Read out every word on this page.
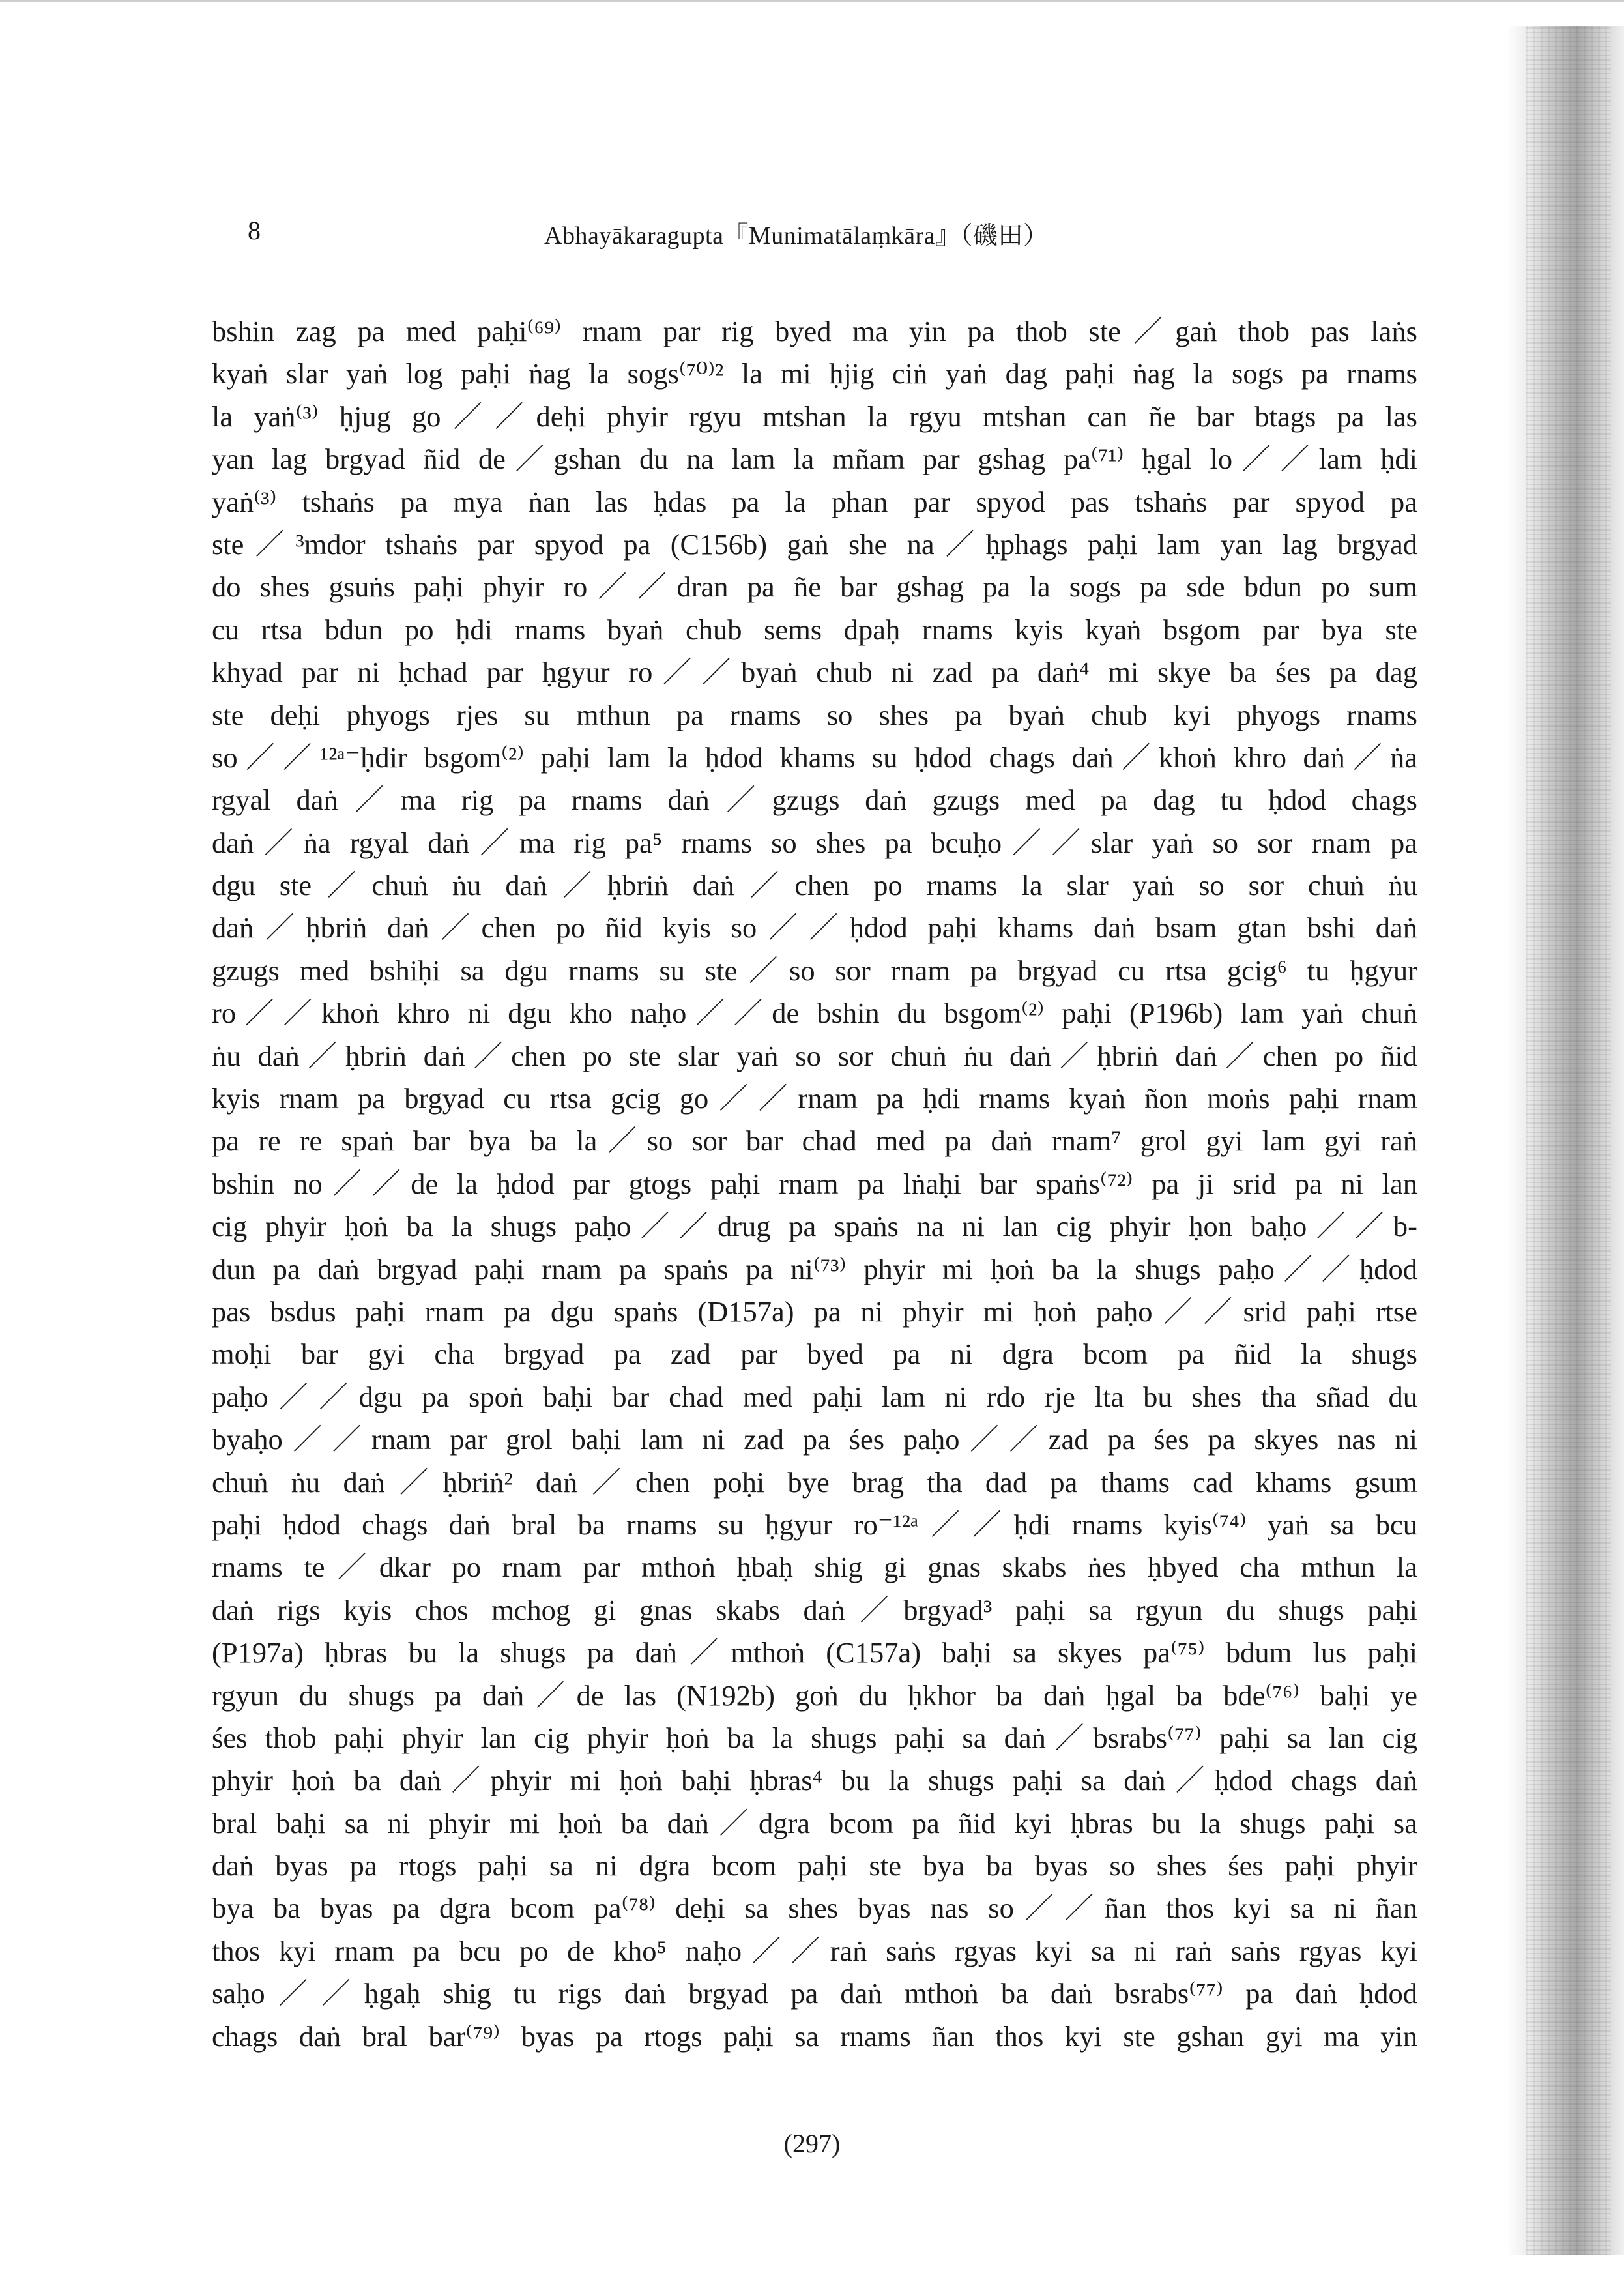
8	Abhayākaragupta『Munimatālaṃkāra』（磯田）
bshin zag pa med paḥi⁽⁶⁹⁾ rnam par rig byed ma yin pa thob ste／gaṅ thob pas laṅs
kyaṅ slar yaṅ log paḥi ṅag la sogs⁽⁷⁰⁾² la mi ḥjig ciṅ yaṅ dag paḥi ṅag la sogs pa rnams
la yaṅ⁽³⁾ ḥjug go／／deḥi phyir rgyu mtshan la rgyu mtshan can ñe bar btags pa las
yan lag brgyad ñid de／gshan du na lam la mñam par gshag pa⁽⁷¹⁾ ḥgal lo／／lam ḥdi
yaṅ⁽³⁾ tshaṅs pa mya ṅan las ḥdas pa la phan par spyod pas tshaṅs par spyod pa
ste／³mdor tshaṅs par spyod pa (C156b) gaṅ she na／ḥphags paḥi lam yan lag brgyad
do shes gsuṅs paḥi phyir ro／／dran pa ñe bar gshag pa la sogs pa sde bdun po sum
cu rtsa bdun po ḥdi rnams byaṅ chub sems dpaḥ rnams kyis kyaṅ bsgom par bya ste
khyad par ni ḥchad par ḥgyur ro／／byaṅ chub ni zad pa daṅ⁴ mi skye ba śes pa dag
ste deḥi phyogs rjes su mthun pa rnams so shes pa byaṅ chub kyi phyogs rnams
so／／¹²ᵃ⁻ḥdir bsgom⁽²⁾ paḥi lam la ḥdod khams su ḥdod chags daṅ／khoṅ khro daṅ／ṅa
rgyal daṅ／ma rig pa rnams daṅ／gzugs daṅ gzugs med pa dag tu ḥdod chags
daṅ／ṅa rgyal daṅ／ma rig pa⁵ rnams so shes pa bcuḥo／／slar yaṅ so sor rnam pa
dgu ste／chuṅ ṅu daṅ／ḥbriṅ daṅ／chen po rnams la slar yaṅ so sor chuṅ ṅu
daṅ／ḥbriṅ daṅ／chen po ñid kyis so／／ḥdod paḥi khams daṅ bsam gtan bshi daṅ
gzugs med bshiḥi sa dgu rnams su ste／so sor rnam pa brgyad cu rtsa gcig⁶ tu ḥgyur
ro／／khoṅ khro ni dgu kho naḥo／／de bshin du bsgom⁽²⁾ paḥi (P196b) lam yaṅ chuṅ
ṅu daṅ／ḥbriṅ daṅ／chen po ste slar yaṅ so sor chuṅ ṅu daṅ／ḥbriṅ daṅ／chen po ñid
kyis rnam pa brgyad cu rtsa gcig go／／rnam pa ḥdi rnams kyaṅ ñon moṅs paḥi rnam
pa re re spaṅ bar bya ba la／so sor bar chad med pa daṅ rnam⁷ grol gyi lam gyi raṅ
bshin no／／de la ḥdod par gtogs paḥi rnam pa lṅaḥi bar spaṅs⁽⁷²⁾ pa ji srid pa ni lan
cig phyir ḥoṅ ba la shugs paḥo／／drug pa spaṅs na ni lan cig phyir ḥon baḥo／／b-
dun pa daṅ brgyad paḥi rnam pa spaṅs pa ni⁽⁷³⁾ phyir mi ḥoṅ ba la shugs paḥo／／ḥdod
pas bsdus paḥi rnam pa dgu spaṅs (D157a) pa ni phyir mi ḥoṅ paḥo／／srid paḥi rtse
moḥi bar gyi cha brgyad pa zad par byed pa ni dgra bcom pa ñid la shugs
paḥo／／dgu pa spoṅ baḥi bar chad med paḥi lam ni rdo rje lta bu shes tha sñad du
byaḥo／／rnam par grol baḥi lam ni zad pa śes paḥo／／zad pa śes pa skyes nas ni
chuṅ ṅu daṅ／ḥbriṅ² daṅ／chen poḥi bye brag tha dad pa thams cad khams gsum
paḥi ḥdod chags daṅ bral ba rnams su ḥgyur ro⁻¹²ᵃ／／ḥdi rnams kyis⁽⁷⁴⁾ yaṅ sa bcu
rnams te／dkar po rnam par mthoṅ ḥbaḥ shig gi gnas skabs ṅes ḥbyed cha mthun la
daṅ rigs kyis chos mchog gi gnas skabs daṅ／brgyad³ paḥi sa rgyun du shugs paḥi
(P197a) ḥbras bu la shugs pa daṅ／mthoṅ (C157a) baḥi sa skyes pa⁽⁷⁵⁾ bdum lus paḥi
rgyun du shugs pa daṅ／de las (N192b) goṅ du ḥkhor ba daṅ ḥgal ba bde⁽⁷⁶⁾ baḥi ye
śes thob paḥi phyir lan cig phyir ḥoṅ ba la shugs paḥi sa daṅ／bsrabs⁽⁷⁷⁾ paḥi sa lan cig
phyir ḥoṅ ba daṅ／phyir mi ḥoṅ baḥi ḥbras⁴ bu la shugs paḥi sa daṅ／ḥdod chags daṅ
bral baḥi sa ni phyir mi ḥoṅ ba daṅ／dgra bcom pa ñid kyi ḥbras bu la shugs paḥi sa
daṅ byas pa rtogs paḥi sa ni dgra bcom paḥi ste bya ba byas so shes śes paḥi phyir
bya ba byas pa dgra bcom pa⁽⁷⁸⁾ deḥi sa shes byas nas so／／ñan thos kyi sa ni ñan
thos kyi rnam pa bcu po de kho⁵ naḥo／／raṅ saṅs rgyas kyi sa ni raṅ saṅs rgyas kyi
saḥo／／ḥgaḥ shig tu rigs daṅ brgyad pa daṅ mthoṅ ba daṅ bsrabs⁽⁷⁷⁾ pa daṅ ḥdod
chags daṅ bral bar⁽⁷⁹⁾ byas pa rtogs paḥi sa rnams ñan thos kyi ste gshan gyi ma yin
(297)
